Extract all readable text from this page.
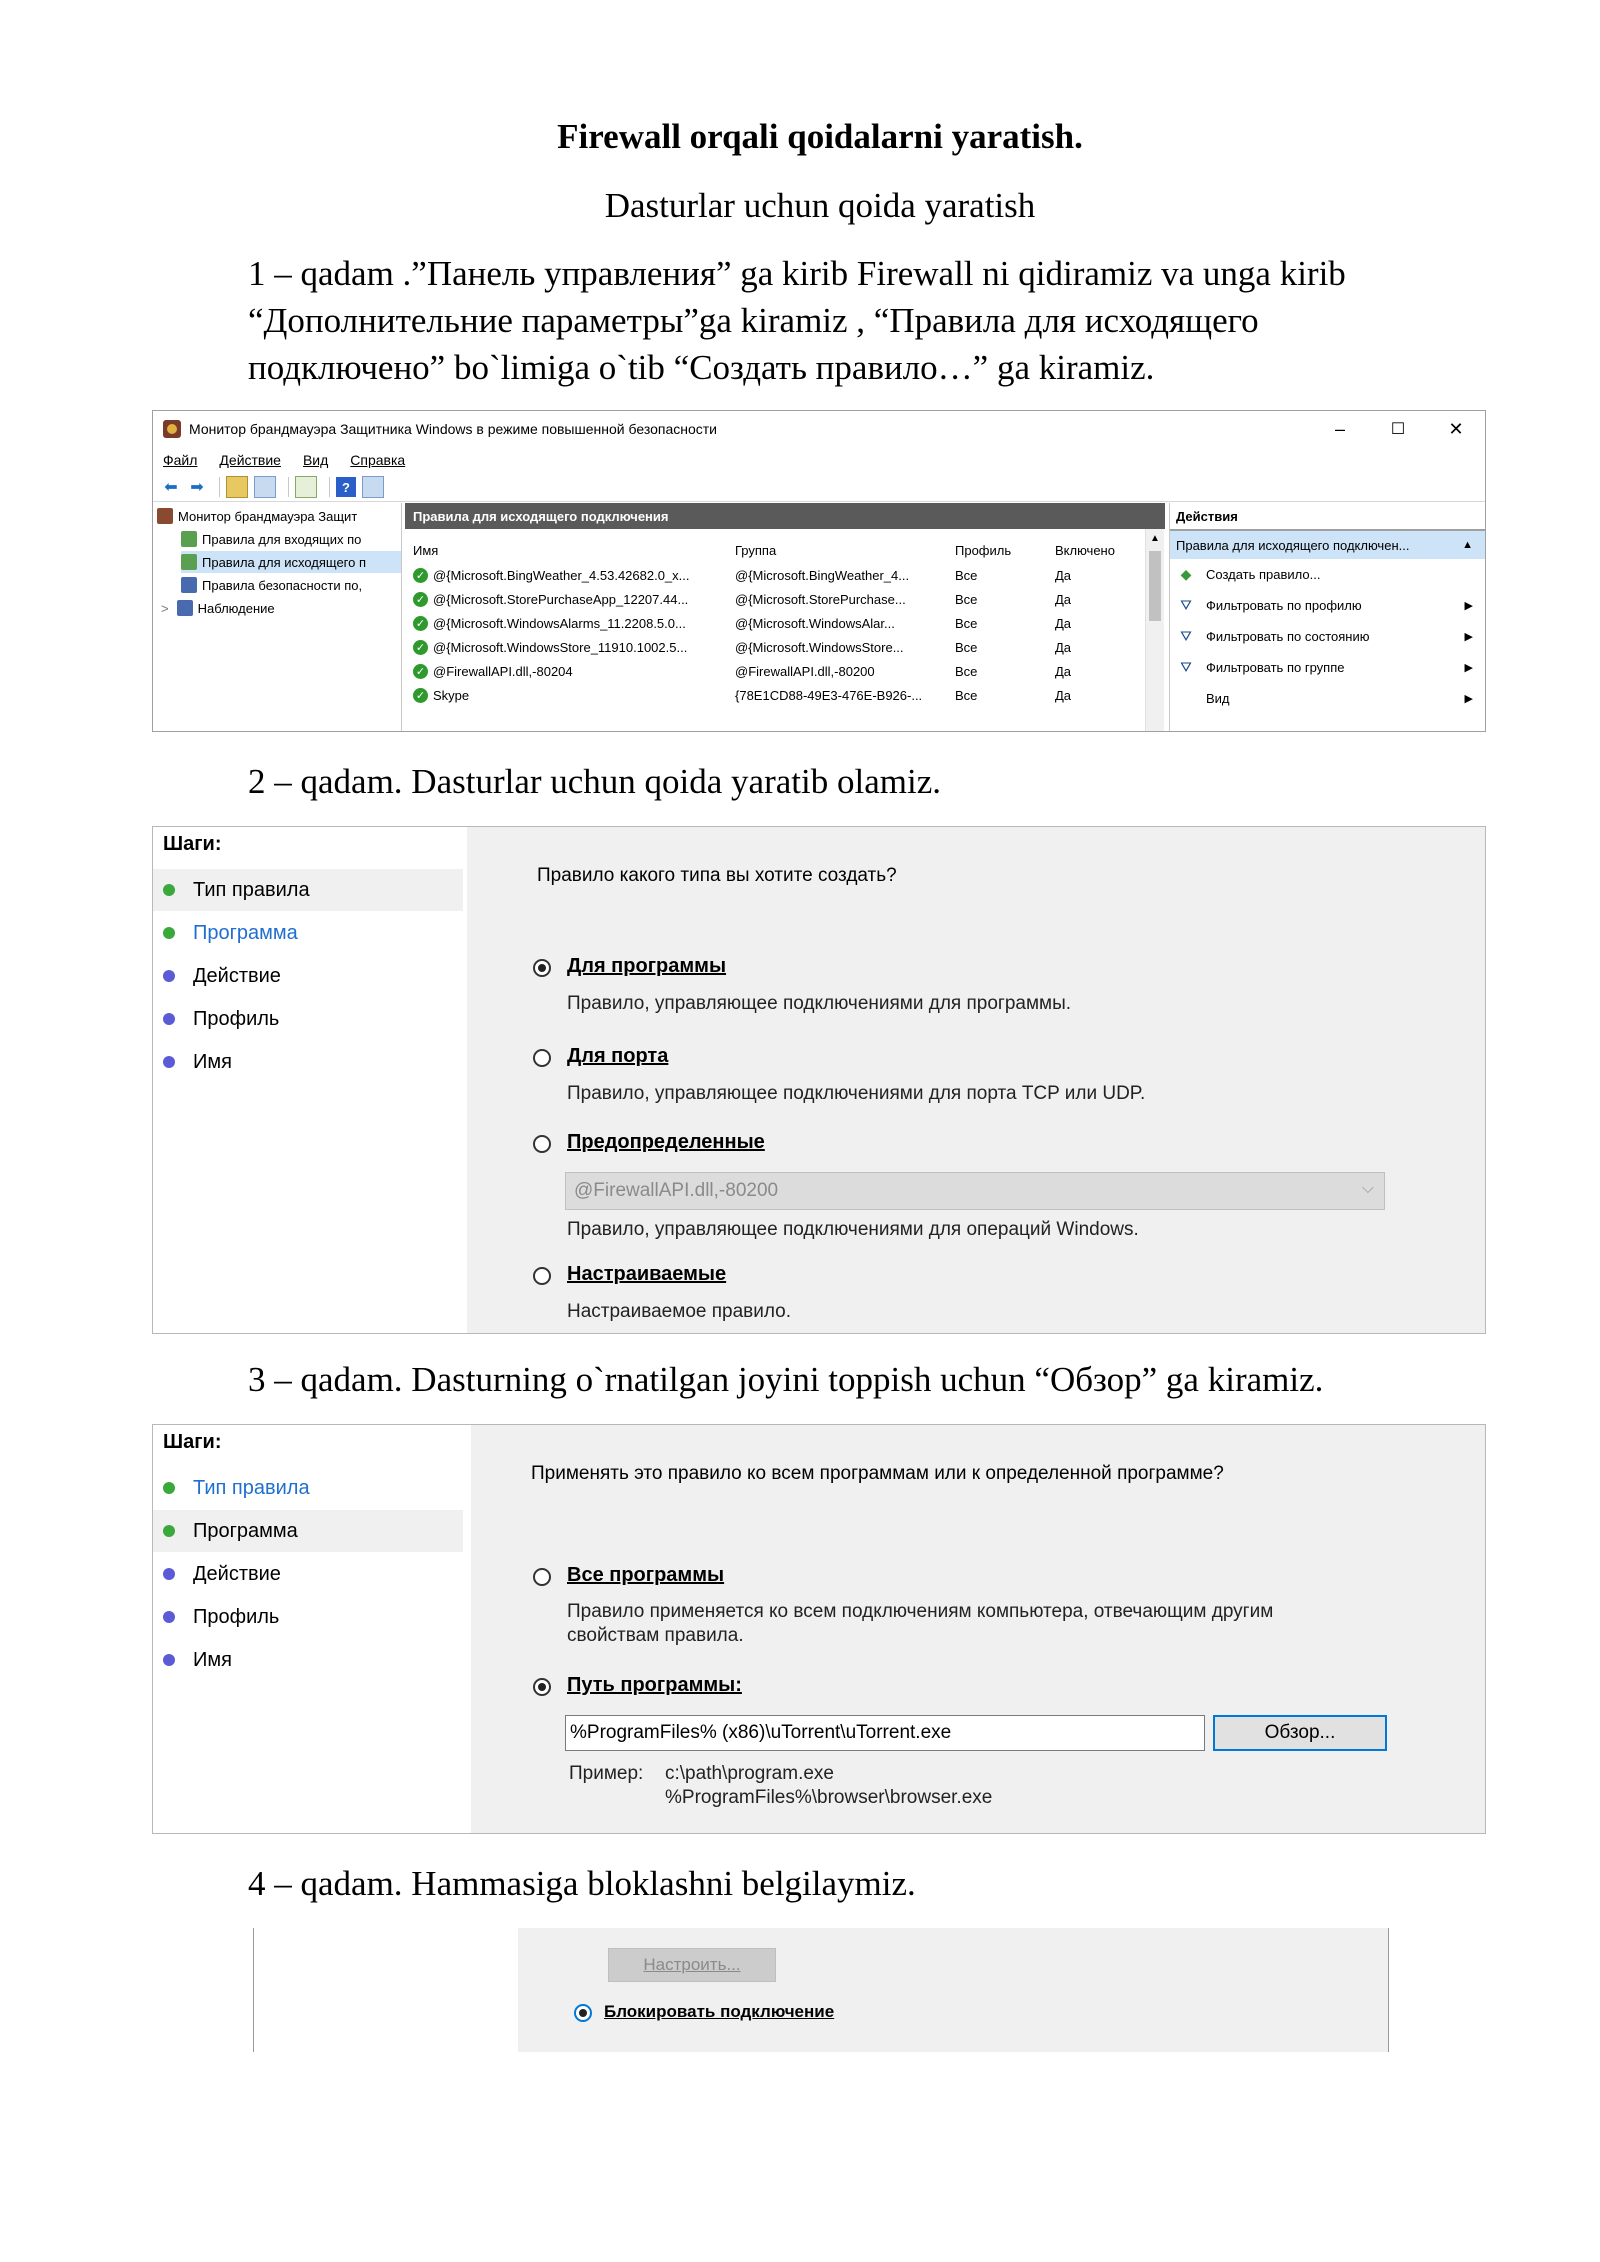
Firewall orqali qoidalarni yaratish.
Dasturlar uchun qoida yaratish
1 – qadam .”Панель управления” ga kirib Firewall ni qidiramiz va unga kirib
“Дополнительние параметры”ga kiramiz , “Правила для исходящего
подключено” bo`limiga o`tib “Создать правило…” ga kiramiz.
Монитор брандмауэра Защитника Windows в режиме повышенной безопасности	–	☐	✕
Файл Действие Вид Справка
⬅ ➡	?
Монитор брандмауэра Защит
Правила для входящих по
Правила для исходящего п
Правила безопасности по,
> Наблюдение
Правила для исходящего подключения
Имя	Группа	Профиль	Включено
✓ @{Microsoft.BingWeather_4.53.42682.0_x...	@{Microsoft.BingWeather_4...	Все	Да
✓ @{Microsoft.StorePurchaseApp_12207.44...	@{Microsoft.StorePurchase...	Все	Да
✓ @{Microsoft.WindowsAlarms_11.2208.5.0...	@{Microsoft.WindowsAlar...	Все	Да
✓ @{Microsoft.WindowsStore_11910.1002.5...	@{Microsoft.WindowsStore...	Все	Да
✓ @FirewallAPI.dll,-80204	@FirewallAPI.dll,-80200	Все	Да
✓ Skype	{78E1CD88-49E3-476E-B926-...	Все	Да
▲
Действия
Правила для исходящего подключен...	▲
◆ Создать правило...
⛛ Фильтровать по профилю	▶
⛛ Фильтровать по состоянию	▶
⛛ Фильтровать по группе	▶
Вид	▶
2 – qadam. Dasturlar uchun qoida yaratib olamiz.
Шаги:
Тип правила
Программа
Действие
Профиль
Имя
Правило какого типа вы хотите создать?
Для программы
Правило, управляющее подключениями для программы.
Для порта
Правило, управляющее подключениями для порта TCP или UDP.
Предопределенные
@FirewallAPI.dll,-80200	⌵
Правило, управляющее подключениями для операций Windows.
Настраиваемые
Настраиваемое правило.
3 – qadam. Dasturning o`rnatilgan joyini toppish uchun “Обзор” ga kiramiz.
Шаги:
Тип правила
Программа
Действие
Профиль
Имя
Применять это правило ко всем программам или к определенной программе?
Все программы
Правило применяется ко всем подключениям компьютера, отвечающим другим
свойствам правила.
Путь программы:
%ProgramFiles% (x86)\uTorrent\uTorrent.exe	Обзор...
Пример: c:\path\program.exe
%ProgramFiles%\browser\browser.exe
4 – qadam. Hammasiga bloklashni belgilaymiz.
Настроить...
Блокировать подключение
